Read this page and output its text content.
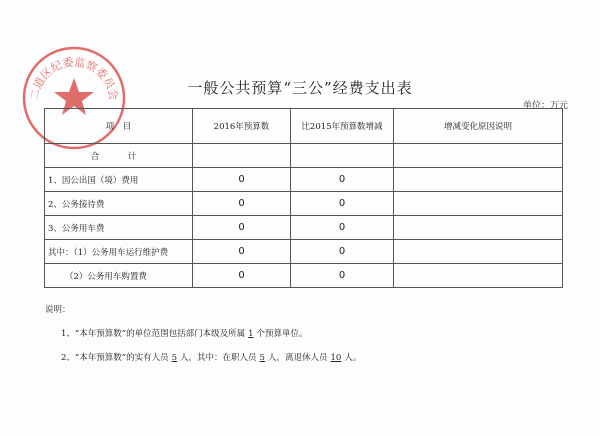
二道区纪委监察委员会	一般公共预算“三公”经费支出表
单位：万元
项　目	2016年预算数	比2015年预算数增减	增减变化原因说明
合　计			
1、因公出国（境）费用	0	0	
2、公务接待费	0	0	
3、公务用车费	0	0	
其中：（1）公务用车运行维护费	0	0	
（2）公务用车购置费	0	0	
说明：
1、“本年预算数”的单位范围包括部门本级及所属 1 个预算单位。
2、“本年预算数”的实有人员 5 人，其中：在职人员 5 人，离退休人员 10 人。
